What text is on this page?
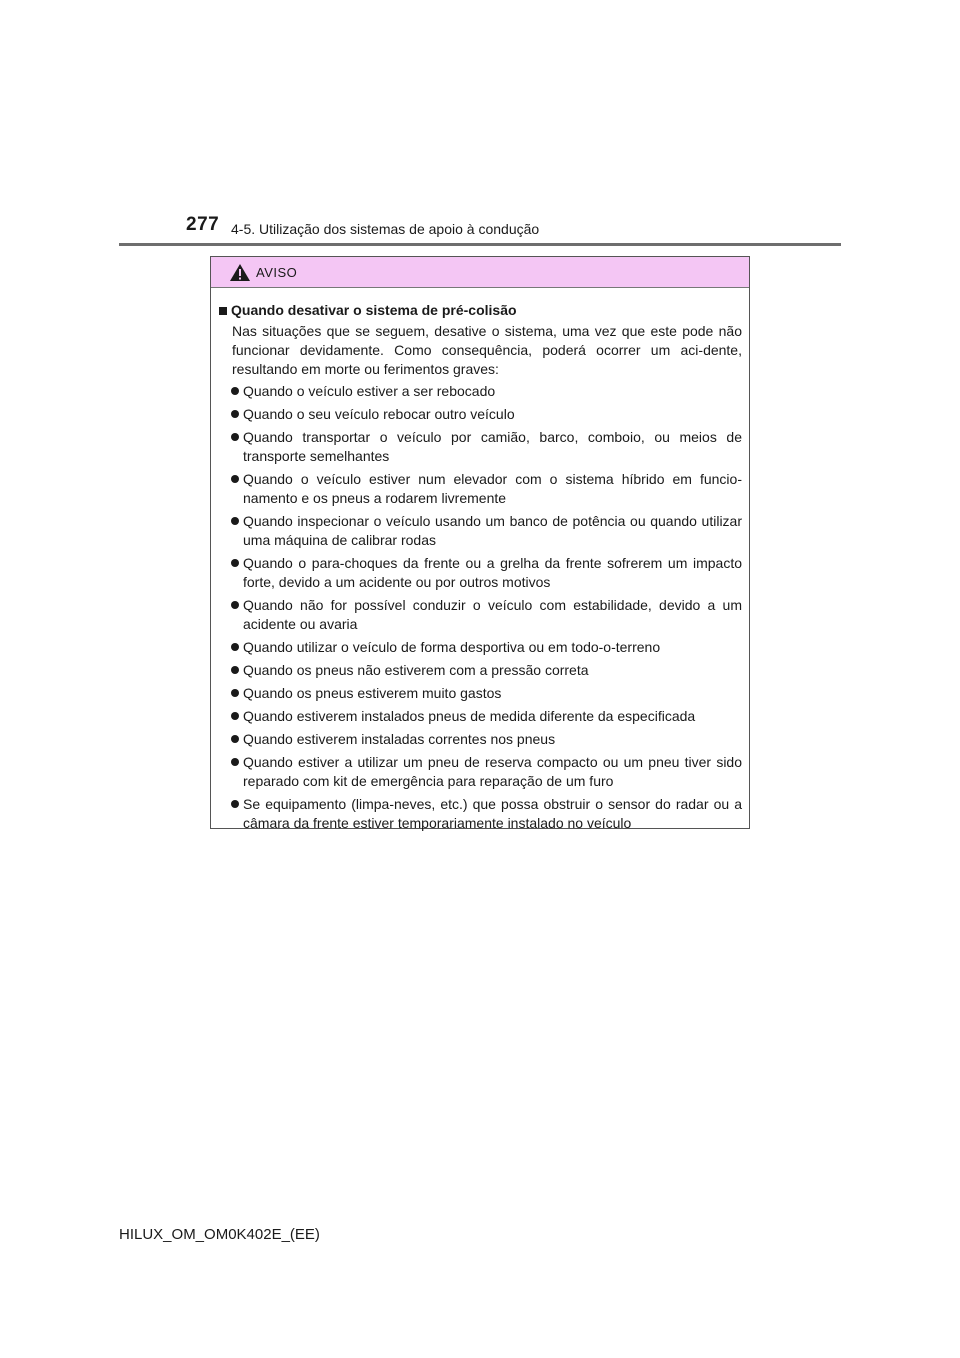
277 4-5. Utilização dos sistemas de apoio à condução
AVISO
Quando desativar o sistema de pré-colisão

Nas situações que se seguem, desative o sistema, uma vez que este pode não funcionar devidamente. Como consequência, poderá ocorrer um aci-dente, resultando em morte ou ferimentos graves:

Quando o veículo estiver a ser rebocado
Quando o seu veículo rebocar outro veículo
Quando transportar o veículo por camião, barco, comboio, ou meios de transporte semelhantes
Quando o veículo estiver num elevador com o sistema híbrido em funcio-namento e os pneus a rodarem livremente
Quando inspecionar o veículo usando um banco de potência ou quando utilizar uma máquina de calibrar rodas
Quando o para-choques da frente ou a grelha da frente sofrerem um impacto forte, devido a um acidente ou por outros motivos
Quando não for possível conduzir o veículo com estabilidade, devido a um acidente ou avaria
Quando utilizar o veículo de forma desportiva ou em todo-o-terreno
Quando os pneus não estiverem com a pressão correta
Quando os pneus estiverem muito gastos
Quando estiverem instalados pneus de medida diferente da especificada
Quando estiverem instaladas correntes nos pneus
Quando estiver a utilizar um pneu de reserva compacto ou um pneu tiver sido reparado com kit de emergência para reparação de um furo
Se equipamento (limpa-neves, etc.) que possa obstruir o sensor do radar ou a câmara da frente estiver temporariamente instalado no veículo
HILUX_OM_OM0K402E_(EE)
